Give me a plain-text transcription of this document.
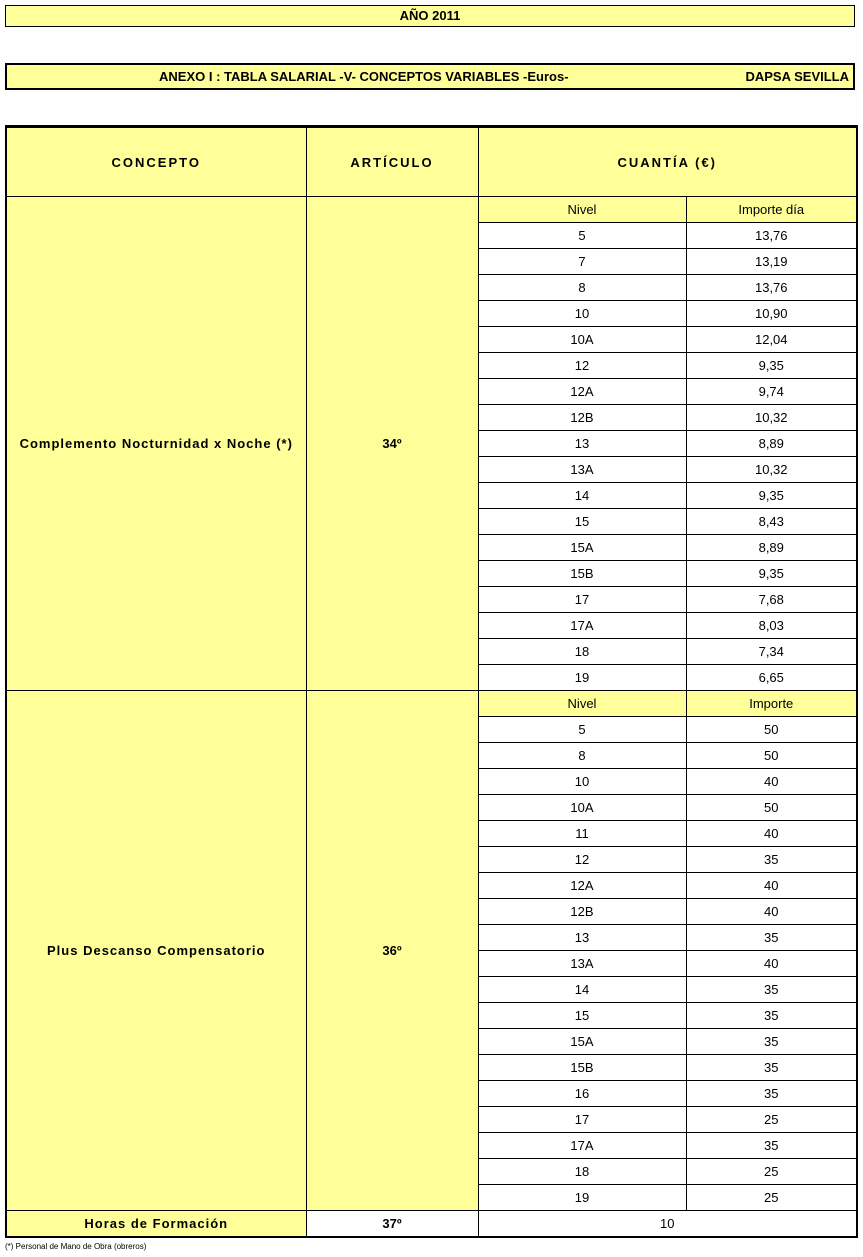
AÑO 2011
ANEXO I : TABLA SALARIAL -V- CONCEPTOS VARIABLES -Euros-	DAPSA SEVILLA
CONCEPTO	ARTÍCULO	CUANTÍA (€)	
Complemento Nocturnidad x Noche (*)	34º	Nivel	Importe día
		5	13,76
		7	13,19
		8	13,76
		10	10,90
		10A	12,04
		12	9,35
		12A	9,74
		12B	10,32
		13	8,89
		13A	10,32
		14	9,35
		15	8,43
		15A	8,89
		15B	9,35
		17	7,68
		17A	8,03
		18	7,34
		19	6,65
Plus Descanso Compensatorio	36º	Nivel	Importe
		5	50
		8	50
		10	40
		10A	50
		11	40
		12	35
		12A	40
		12B	40
		13	35
		13A	40
		14	35
		15	35
		15A	35
		15B	35
		16	35
		17	25
		17A	35
		18	25
		19	25
Horas de Formación	37º	10	
(*) Personal de Mano de Obra (obreros)
